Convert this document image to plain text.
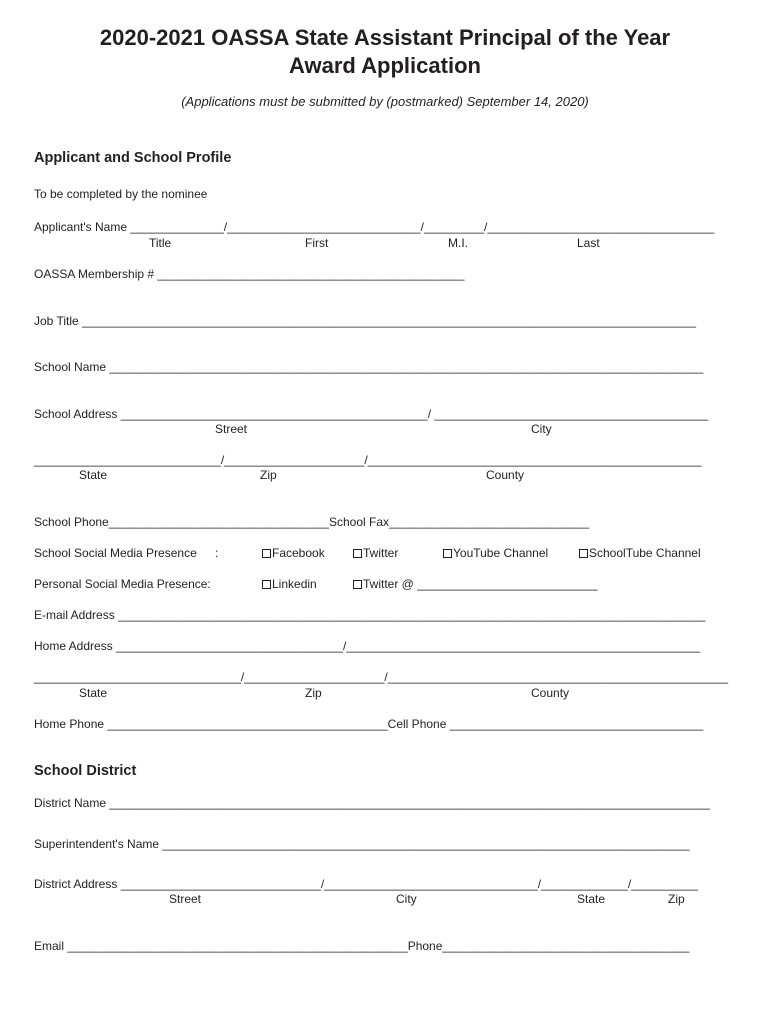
2020-2021 OASSA State Assistant Principal of the Year
Award Application
(Applications must be submitted by (postmarked) September 14, 2020)
Applicant and School Profile
To be completed by the nominee
Applicant's Name ______________/_____________________________/_________/__________________________________
Title	First	M.I.	Last
OASSA Membership # ______________________________________________
Job Title ____________________________________________________________________________________________
School Name _________________________________________________________________________________________
School Address ______________________________________________/ _________________________________________
Street	City
____________________________/_____________________/__________________________________________________
State	Zip	County
School Phone_________________________________School Fax______________________________
School Social Media Presence :	Facebook	Twitter	YouTube Channel	SchoolTube Channel
Personal Social Media Presence:	Linkedin	Twitter @ ___________________________
E-mail Address ________________________________________________________________________________________
Home Address __________________________________/_____________________________________________________
_______________________________/_____________________/___________________________________________________
State	Zip	County
Home Phone __________________________________________Cell Phone ______________________________________
School District
District Name __________________________________________________________________________________________
Superintendent's Name _______________________________________________________________________________
District Address ______________________________/________________________________/_____________/__________
Street	City	State	Zip
Email ___________________________________________________Phone_____________________________________
